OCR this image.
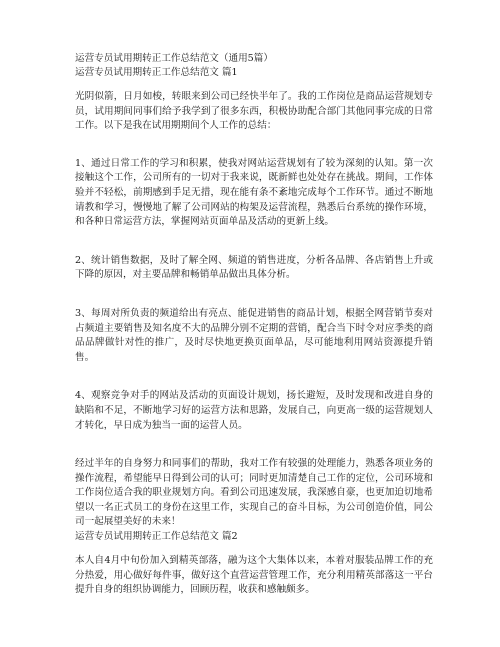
运营专员试用期转正工作总结范文（通用5篇）
运营专员试用期转正工作总结范文 篇1

光阴似箭，日月如梭，转眼来到公司已经快半年了。我的工作岗位是商品运营规划专员，试用期间同事们给予我学到了很多东西，积极协助配合部门其他同事完成的日常工作。以下是我在试用期期间个人工作的总结：

1、通过日常工作的学习和积累，使我对网站运营规划有了较为深刻的认知。第一次接触这个工作，公司所有的一切对于我来说，既新鲜也处处存在挑战。期间，工作体验并不轻松，前期感到手足无措，现在能有条不紊地完成每个工作环节。通过不断地请教和学习，慢慢地了解了公司网站的构架及运营流程，熟悉后台系统的操作环境，和各种日常运营方法，掌握网站页面单品及活动的更新上线。

2、统计销售数据，及时了解全网、频道的销售进度，分析各品牌、各店销售上升或下降的原因，对主要品牌和畅销单品做出具体分析。

3、每周对所负责的频道给出有亮点、能促进销售的商品计划，根据全网营销节奏对占频道主要销售及知名度不大的品牌分别不定期的营销，配合当下时令对应季类的商品品牌做针对性的推广，及时尽快地更换页面单品，尽可能地利用网站资源提升销售。

4、观察竞争对手的网站及活动的页面设计规划，扬长避短，及时发现和改进自身的缺陷和不足，不断地学习好的运营方法和思路，发展自己，向更高一级的运营规划人才转化，早日成为独当一面的运营人员。

经过半年的自身努力和同事们的帮助，我对工作有较强的处理能力，熟悉各项业务的操作流程，希望能早日得到公司的认可；同时更加清楚自己工作的定位，公司环境和工作岗位适合我的职业规划方向。看到公司迅速发展，我深感自豪，也更加迫切地希望以一名正式员工的身份在这里工作，实现自己的奋斗目标，为公司创造价值，同公司一起展望美好的未来！

运营专员试用期转正工作总结范文 篇2

本人自4月中旬份加入到精英部落，融为这个大集体以来，本着对服装品牌工作的充分热爱，用心做好每件事，做好这个直营运营管理工作，充分利用精英部落这一平台提升自身的组织协调能力，回顾历程，收获和感触颇多。
